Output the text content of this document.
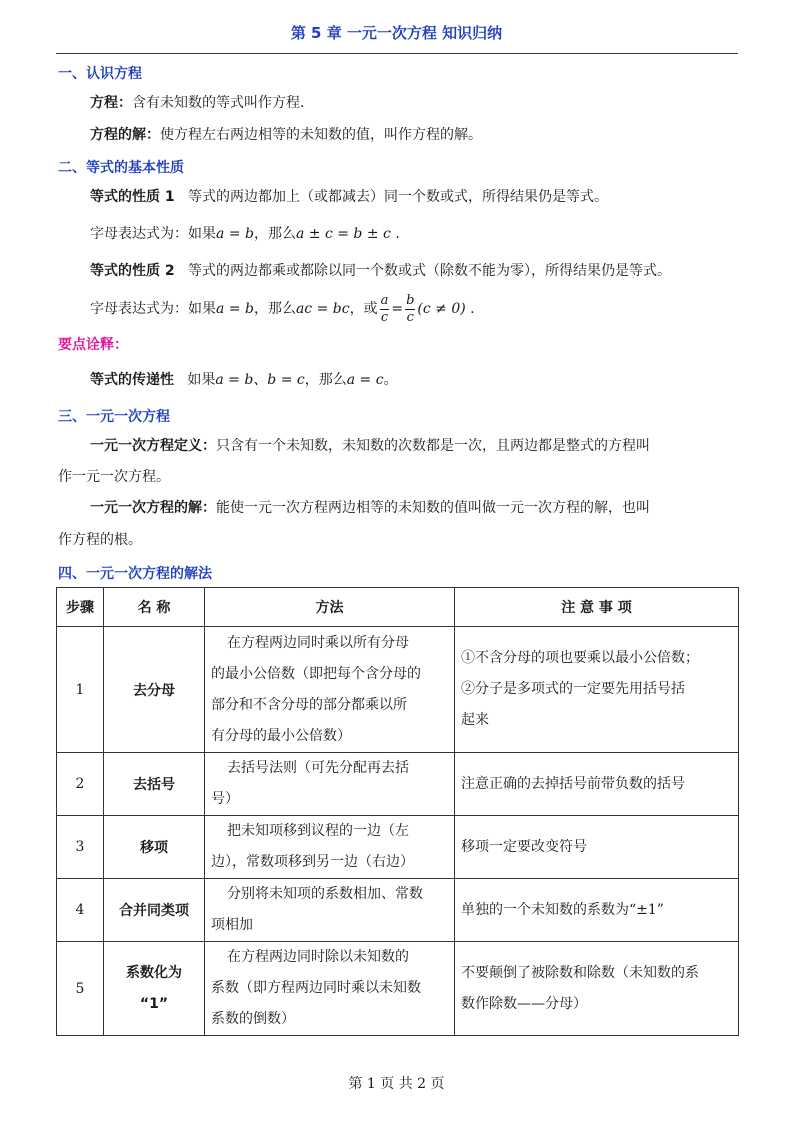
第 5 章 一元一次方程 知识归纳
一、认识方程
方程：含有未知数的等式叫作方程.
方程的解：使方程左右两边相等的未知数的值，叫作方程的解。
二、等式的基本性质
等式的性质 1 等式的两边都加上（或都减去）同一个数或式，所得结果仍是等式。
字母表达式为：如果a = b，那么a ± c = b ± c .
等式的性质 2 等式的两边都乘或都除以同一个数或式（除数不能为零），所得结果仍是等式。
字母表达式为：如果a = b，那么ac = bc，或 $\frac{a}{c} = \frac{b}{c} (c \ne 0)$ .
要点诠释：
等式的传递性 如果a = b、b = c，那么a = c。
三、一元一次方程
一元一次方程定义：只含有一个未知数，未知数的次数都是一次，且两边都是整式的方程叫
作一元一次方程。
一元一次方程的解：能使一元一次方程两边相等的未知数的值叫做一元一次方程的解，也叫
作方程的根。
四、一元一次方程的解法
步骤	名 称	方法	注 意 事 项
1	去分母	在方程两边同时乘以所有分母
的最小公倍数（即把每个含分母的
部分和不含分母的部分都乘以所
有分母的最小公倍数）	①不含分母的项也要乘以最小公倍数；
②分子是多项式的一定要先用括号括
起来
2	去括号	去括号法则（可先分配再去括
号）	注意正确的去掉括号前带负数的括号
3	移项	把未知项移到议程的一边（左
边），常数项移到另一边（右边）	移项一定要改变符号
4	合并同类项	分别将未知项的系数相加、常数
项相加	单独的一个未知数的系数为“±1”
5	系数化为
“1”	在方程两边同时除以未知数的
系数（即方程两边同时乘以未知数
系数的倒数）	不要颠倒了被除数和除数（未知数的系
数作除数——分母）
第 1 页 共 2 页
